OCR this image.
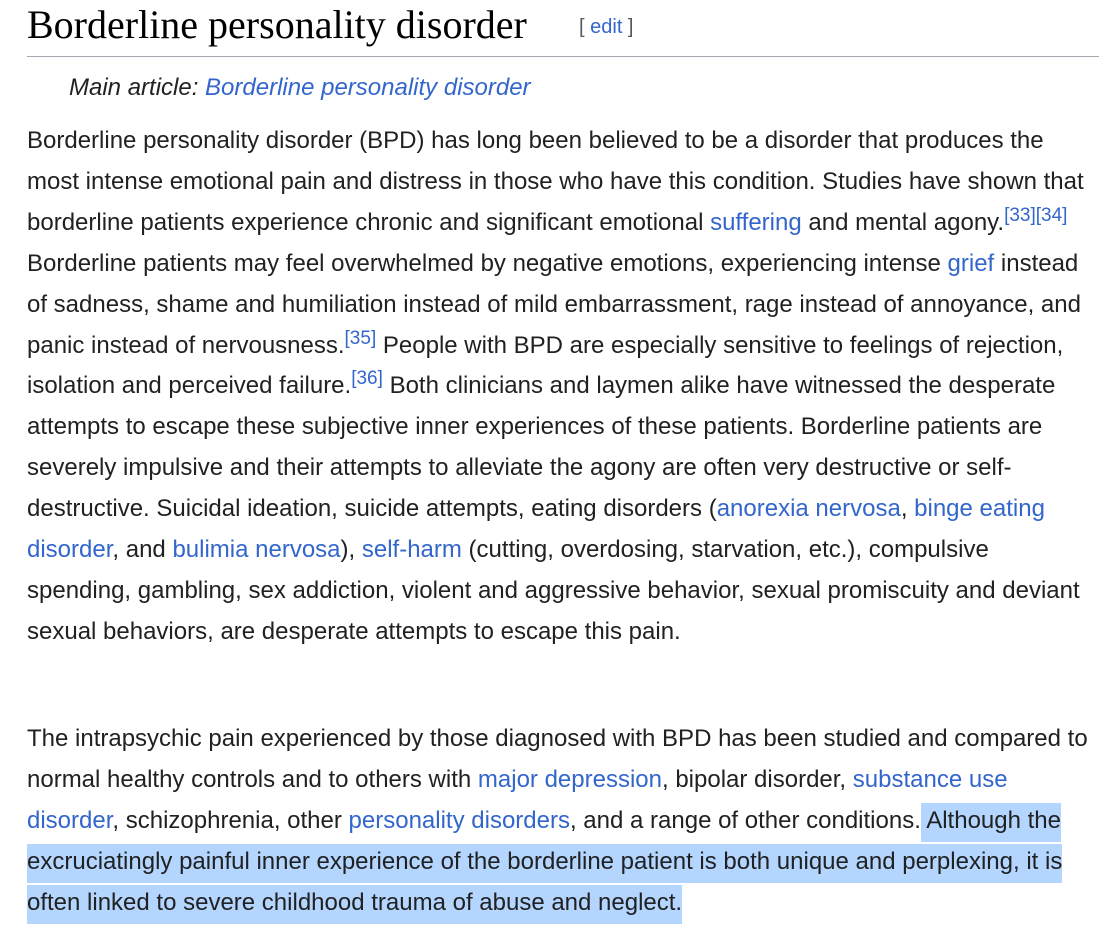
Borderline personality disorder	[ edit ]
Main article: Borderline personality disorder

Borderline personality disorder (BPD) has long been believed to be a disorder that produces the most intense emotional pain and distress in those who have this condition. Studies have shown that borderline patients experience chronic and significant emotional suffering and mental agony.[33][34] Borderline patients may feel overwhelmed by negative emotions, experiencing intense grief instead of sadness, shame and humiliation instead of mild embarrassment, rage instead of annoyance, and panic instead of nervousness.[35] People with BPD are especially sensitive to feelings of rejection, isolation and perceived failure.[36] Both clinicians and laymen alike have witnessed the desperate attempts to escape these subjective inner experiences of these patients. Borderline patients are severely impulsive and their attempts to alleviate the agony are often very destructive or self-destructive. Suicidal ideation, suicide attempts, eating disorders (anorexia nervosa, binge eating disorder, and bulimia nervosa), self-harm (cutting, overdosing, starvation, etc.), compulsive spending, gambling, sex addiction, violent and aggressive behavior, sexual promiscuity and deviant sexual behaviors, are desperate attempts to escape this pain.

The intrapsychic pain experienced by those diagnosed with BPD has been studied and compared to normal healthy controls and to others with major depression, bipolar disorder, substance use disorder, schizophrenia, other personality disorders, and a range of other conditions. Although the excruciatingly painful inner experience of the borderline patient is both unique and perplexing, it is often linked to severe childhood trauma of abuse and neglect.
